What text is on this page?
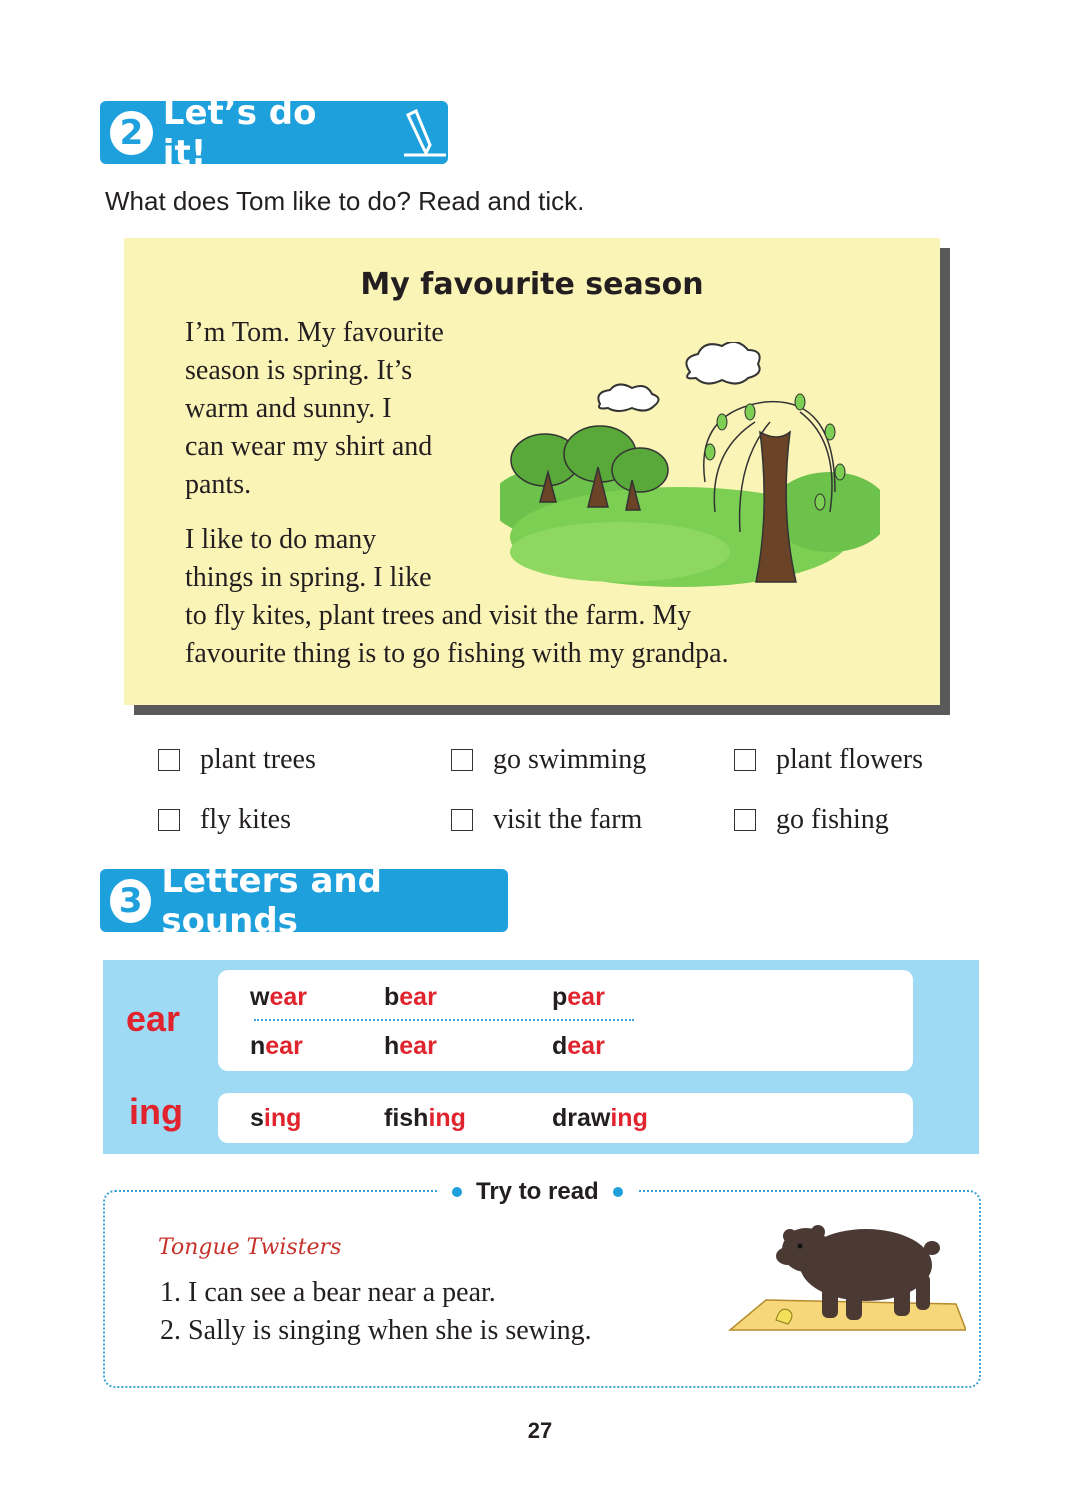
2 Let’s do it!
What does Tom like to do? Read and tick.
My favourite season
I’m Tom. My favourite
season is spring. It’s
warm and sunny. I
can wear my shirt and
pants.
I like to do many
things in spring. I like
to fly kites, plant trees and visit the farm. My
favourite thing is to go fishing with my grandpa.
plant trees	go swimming	plant flowers
fly kites	visit the farm	go fishing
3 Letters and sounds
ear
ing
wear	bear	pear
near	hear	dear
sing	fishing	drawing
Try to read
Tongue Twisters
1. I can see a bear near a pear.
2. Sally is singing when she is sewing.
27
